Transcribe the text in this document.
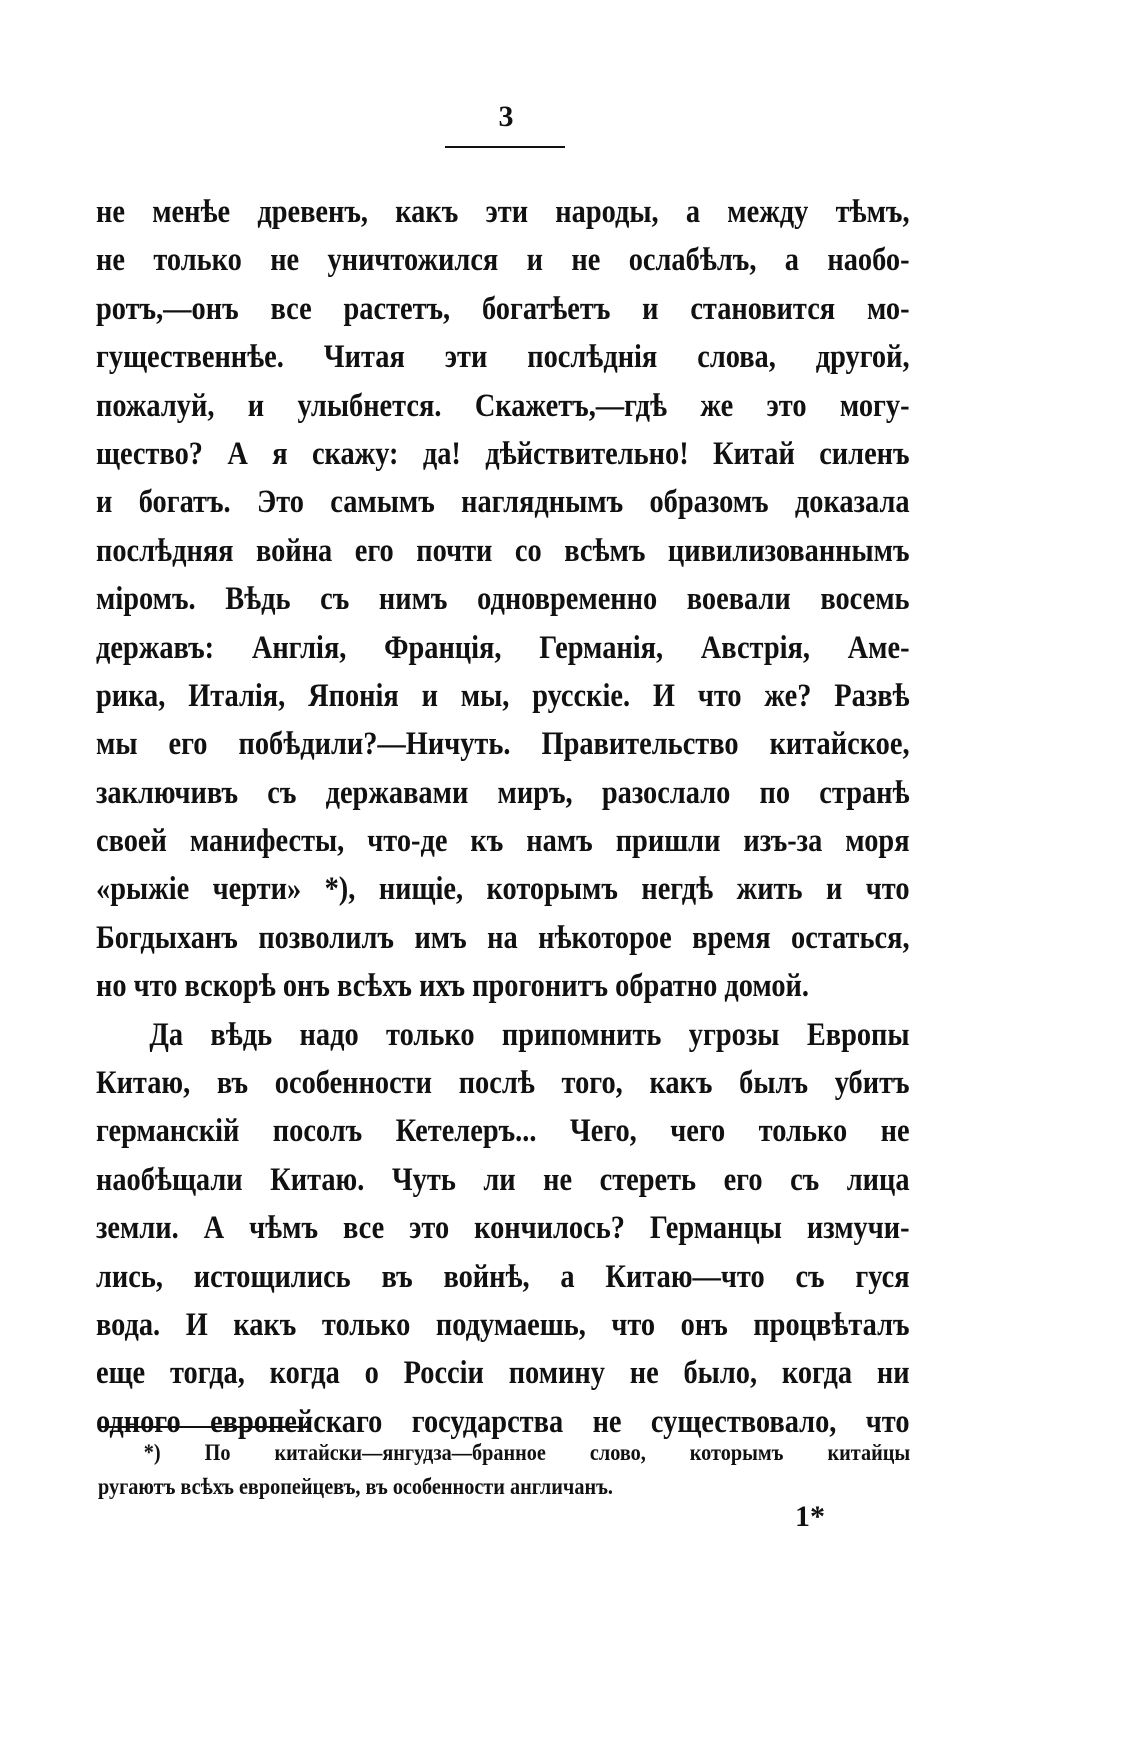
3
не менѣе древенъ, какъ эти народы, а между тѣмъ,
не только не уничтожился и не ослабѣлъ, а наобо-
ротъ,—онъ все растетъ, богатѣетъ и становится мо-
гущественнѣе. Читая эти послѣднія слова, другой,
пожалуй, и улыбнется. Скажетъ,—гдѣ же это могу-
щество? А я скажу: да! дѣйствительно! Китай силенъ
и богатъ. Это самымъ нагляднымъ образомъ доказала
послѣдняя война его почти со всѣмъ цивилизованнымъ
міромъ. Вѣдь съ нимъ одновременно воевали восемь
державъ: Англія, Франція, Германія, Австрія, Аме-
рика, Италія, Японія и мы, русскіе. И что же? Развѣ
мы его побѣдили?—Ничуть. Правительство китайское,
заключивъ съ державами миръ, разослало по странѣ
своей манифесты, что-де къ намъ пришли изъ-за моря
«рыжіе черти» *), нищіе, которымъ негдѣ жить и что
Богдыханъ позволилъ имъ на нѣкоторое время остаться,
но что вскорѣ онъ всѣхъ ихъ прогонитъ обратно домой.
Да вѣдь надо только припомнить угрозы Европы
Китаю, въ особенности послѣ того, какъ былъ убитъ
германскій посолъ Кетелеръ... Чего, чего только не
наобѣщали Китаю. Чуть ли не стереть его съ лица
земли. А чѣмъ все это кончилось? Германцы измучи-
лись, истощились въ войнѣ, а Китаю—что съ гуся
вода. И какъ только подумаешь, что онъ процвѣталъ
еще тогда, когда о Россіи помину не было, когда ни
одного европейскаго государства не существовало, что
*) По китайски—янгудза—бранное слово, которымъ китайцы
ругаютъ всѣхъ европейцевъ, въ особенности англичанъ.
1*
